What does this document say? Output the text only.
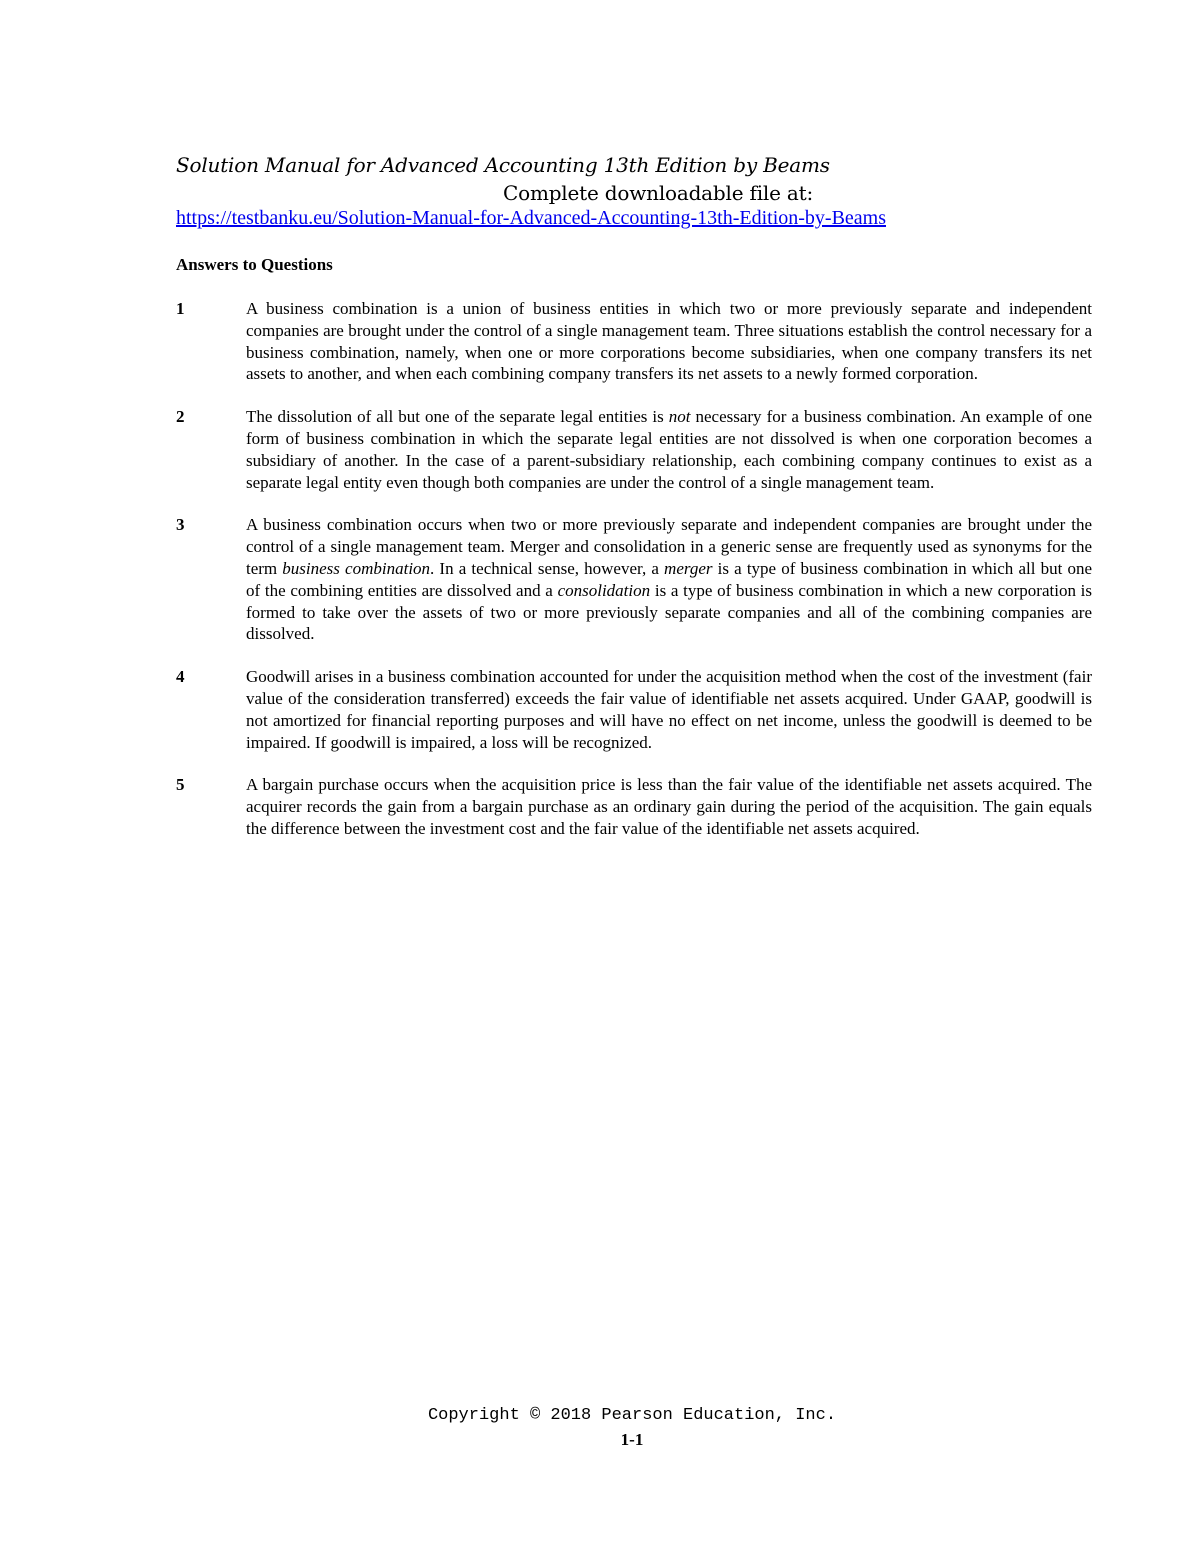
Solution Manual for Advanced Accounting 13th Edition by Beams
Complete downloadable file at:
https://testbanku.eu/Solution-Manual-for-Advanced-Accounting-13th-Edition-by-Beams
Answers to Questions
1	A business combination is a union of business entities in which two or more previously separate and independent companies are brought under the control of a single management team. Three situations establish the control necessary for a business combination, namely, when one or more corporations become subsidiaries, when one company transfers its net assets to another, and when each combining company transfers its net assets to a newly formed corporation.
2	The dissolution of all but one of the separate legal entities is not necessary for a business combination. An example of one form of business combination in which the separate legal entities are not dissolved is when one corporation becomes a subsidiary of another. In the case of a parent-subsidiary relationship, each combining company continues to exist as a separate legal entity even though both companies are under the control of a single management team.
3	A business combination occurs when two or more previously separate and independent companies are brought under the control of a single management team. Merger and consolidation in a generic sense are frequently used as synonyms for the term business combination. In a technical sense, however, a merger is a type of business combination in which all but one of the combining entities are dissolved and a consolidation is a type of business combination in which a new corporation is formed to take over the assets of two or more previously separate companies and all of the combining companies are dissolved.
4	Goodwill arises in a business combination accounted for under the acquisition method when the cost of the investment (fair value of the consideration transferred) exceeds the fair value of identifiable net assets acquired. Under GAAP, goodwill is not amortized for financial reporting purposes and will have no effect on net income, unless the goodwill is deemed to be impaired. If goodwill is impaired, a loss will be recognized.
5	A bargain purchase occurs when the acquisition price is less than the fair value of the identifiable net assets acquired. The acquirer records the gain from a bargain purchase as an ordinary gain during the period of the acquisition. The gain equals the difference between the investment cost and the fair value of the identifiable net assets acquired.
Copyright © 2018 Pearson Education, Inc.
1-1
